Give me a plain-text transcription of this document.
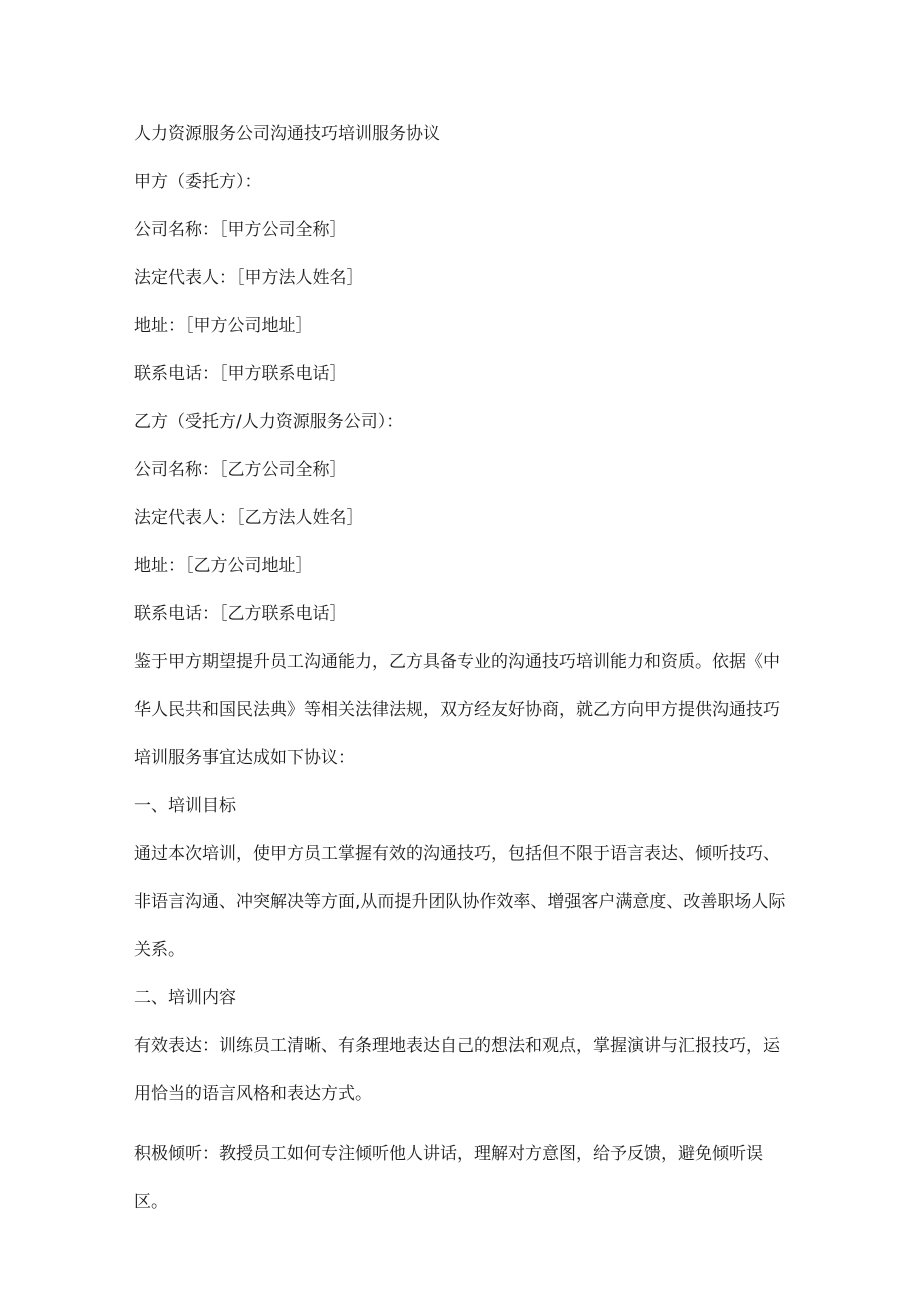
人力资源服务公司沟通技巧培训服务协议

甲方（委托方）：

公司名称：［甲方公司全称］

法定代表人：［甲方法人姓名］

地址：［甲方公司地址］

联系电话：［甲方联系电话］

乙方（受托方/人力资源服务公司）：

公司名称：［乙方公司全称］

法定代表人：［乙方法人姓名］

地址：［乙方公司地址］

联系电话：［乙方联系电话］

鉴于甲方期望提升员工沟通能力，乙方具备专业的沟通技巧培训能力和资质。依据《中华人民共和国民法典》等相关法律法规，双方经友好协商，就乙方向甲方提供沟通技巧培训服务事宜达成如下协议：

一、培训目标

通过本次培训，使甲方员工掌握有效的沟通技巧，包括但不限于语言表达、倾听技巧、非语言沟通、冲突解决等方面,从而提升团队协作效率、增强客户满意度、改善职场人际关系。

二、培训内容

有效表达：训练员工清晰、有条理地表达自己的想法和观点，掌握演讲与汇报技巧，运用恰当的语言风格和表达方式。

积极倾听：教授员工如何专注倾听他人讲话，理解对方意图，给予反馈，避免倾听误区。
